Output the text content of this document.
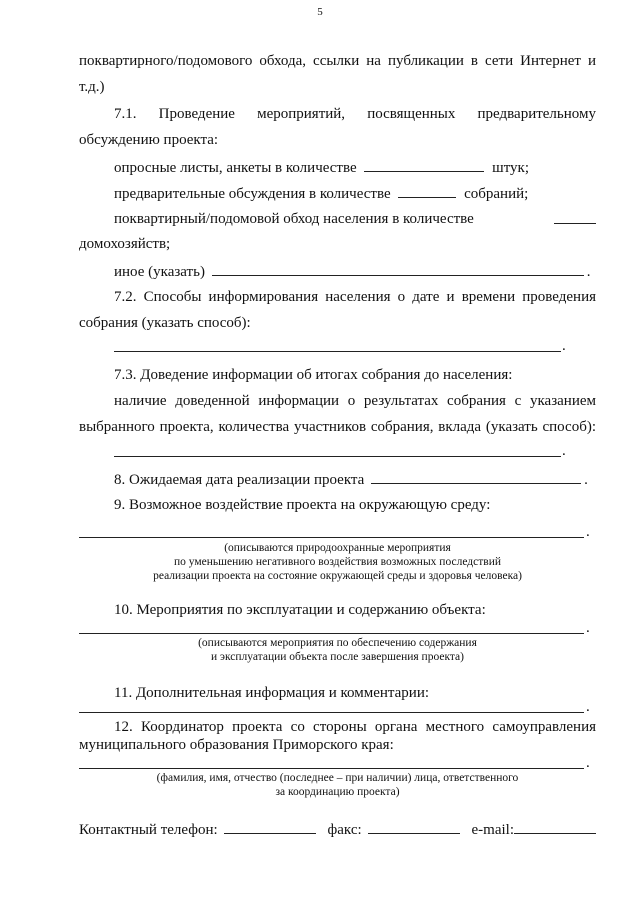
5
поквартирного/подомового обхода, ссылки на публикации в сети Интернет и
т.д.)
7.1. Проведение мероприятий, посвященных предварительному
обсуждению проекта:
опросные листы, анкеты в количестве	штук;
предварительные обсуждения в количестве	собраний;
поквартирный/подомовой обход населения в количестве
домохозяйств;
иное (указать)	.
7.2. Способы информирования населения о дате и времени проведения
собрания (указать способ):
.
7.3. Доведение информации об итогах собрания до населения:
наличие доведенной информации о результатах собрания с указанием
выбранного проекта, количества участников собрания, вклада (указать способ):
.
8. Ожидаемая дата реализации проекта	.
9. Возможное воздействие проекта на окружающую среду:
.
(описываются природоохранные мероприятия
по уменьшению негативного воздействия возможных последствий
реализации проекта на состояние окружающей среды и здоровья человека)
10. Мероприятия по эксплуатации и содержанию объекта:
.
(описываются мероприятия по обеспечению содержания
и эксплуатации объекта после завершения проекта)
11. Дополнительная информация и комментарии:
.
12. Координатор проекта со стороны органа местного самоуправления
муниципального образования Приморского края:
.
(фамилия, имя, отчество (последнее – при наличии) лица, ответственного
за координацию проекта)
Контактный телефон:	факс:	e-mail:
